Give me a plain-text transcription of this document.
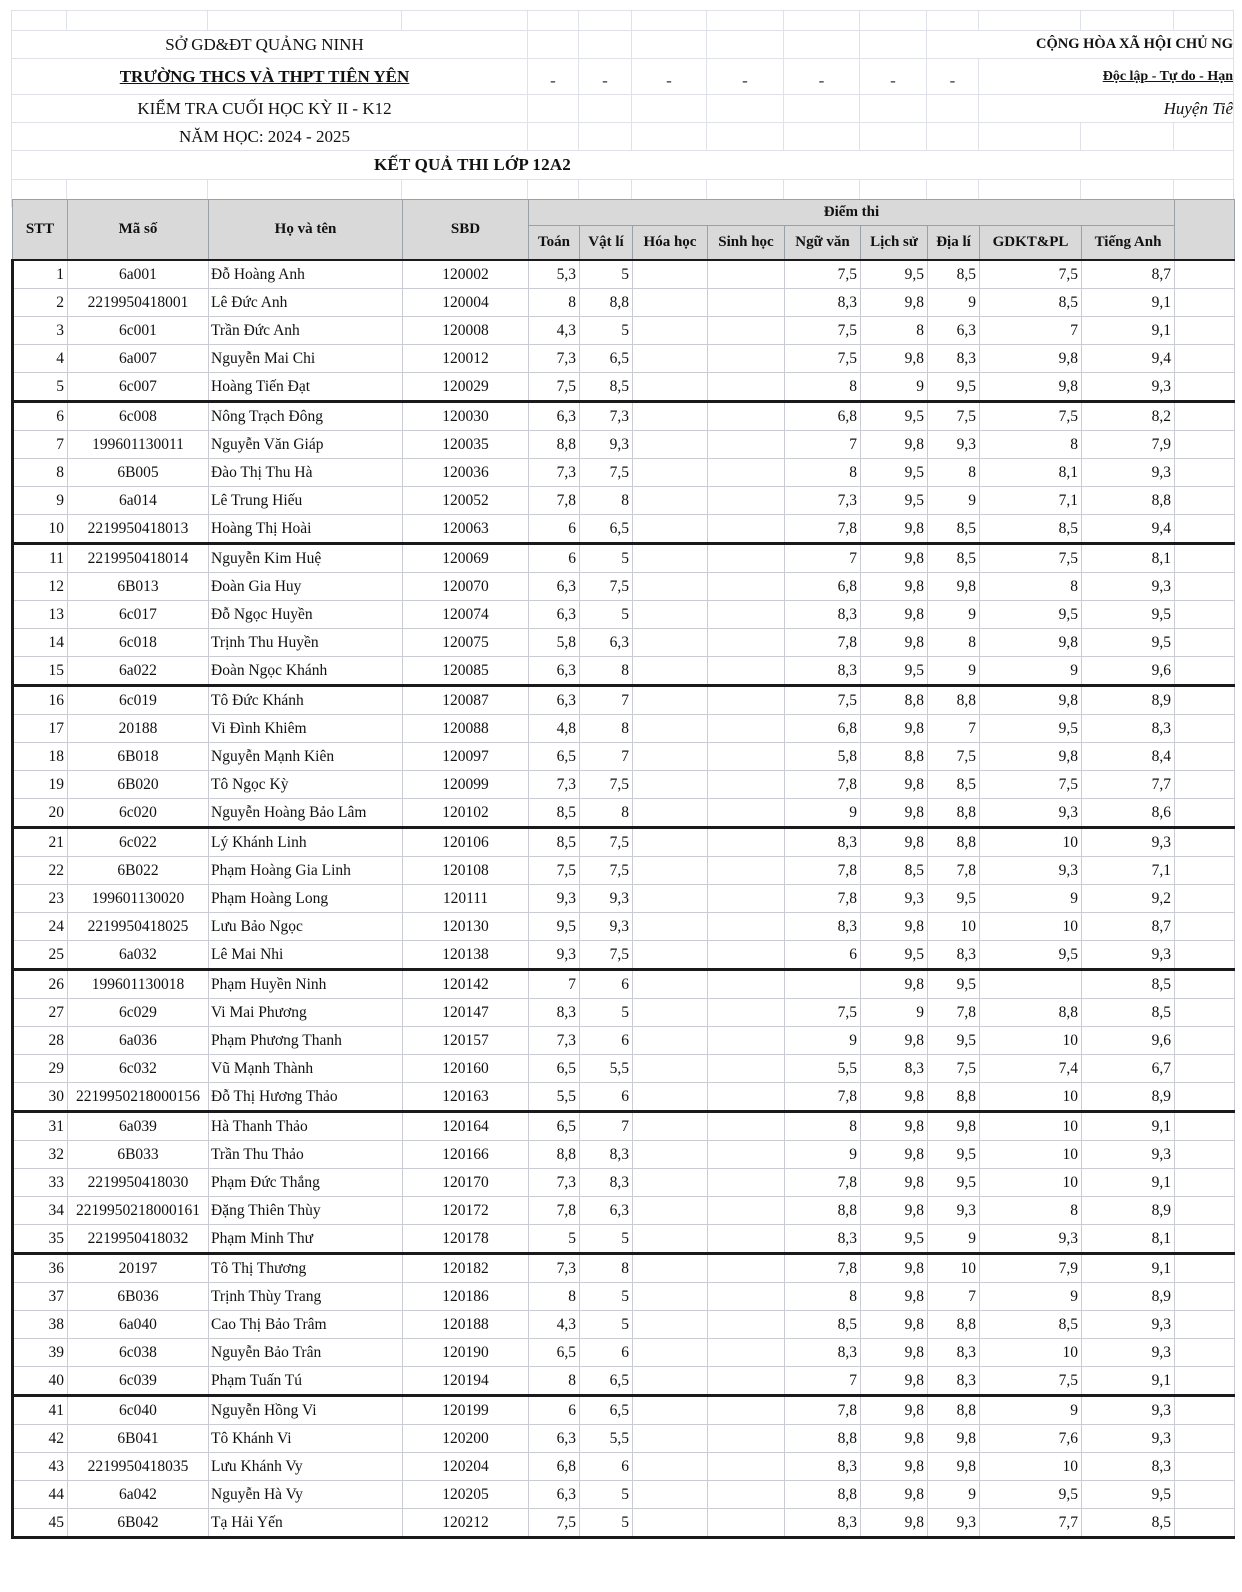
SỞ GD&ĐT QUẢNG NINH										CỘNG HÒA XÃ HỘI CHỦ NG			
TRƯỜNG THCS VÀ THPT TIÊN YÊN				-	-	-	-	-	-	-	Độc lập - Tự do - Hạn		
KIỂM TRA CUỐI HỌC KỲ II - K12											Huyện Tiê		
NĂM HỌC: 2024 - 2025													
KẾT QUẢ THI LỚP 12A2													

STT	Mã số	Họ và tên	SBD	Điểm thi									
				Toán	Vật lí	Hóa học	Sinh học	Ngữ văn	Lịch sử	Địa lí	GDKT&PL	Tiếng Anh	
1	6a001	Đỗ Hoàng Anh	120002	5,3	5			7,5	9,5	8,5	7,5	8,7	
2	2219950418001	Lê Đức Anh	120004	8	8,8			8,3	9,8	9	8,5	9,1	
3	6c001	Trần Đức Anh	120008	4,3	5			7,5	8	6,3	7	9,1	
4	6a007	Nguyễn Mai Chi	120012	7,3	6,5			7,5	9,8	8,3	9,8	9,4	
5	6c007	Hoàng Tiến Đạt	120029	7,5	8,5			8	9	9,5	9,8	9,3	
6	6c008	Nông Trạch Đông	120030	6,3	7,3			6,8	9,5	7,5	7,5	8,2	
7	199601130011	Nguyễn Văn Giáp	120035	8,8	9,3			7	9,8	9,3	8	7,9	
8	6B005	Đào Thị Thu Hà	120036	7,3	7,5			8	9,5	8	8,1	9,3	
9	6a014	Lê Trung Hiếu	120052	7,8	8			7,3	9,5	9	7,1	8,8	
10	2219950418013	Hoàng Thị Hoài	120063	6	6,5			7,8	9,8	8,5	8,5	9,4	
11	2219950418014	Nguyễn Kim Huệ	120069	6	5			7	9,8	8,5	7,5	8,1	
12	6B013	Đoàn Gia Huy	120070	6,3	7,5			6,8	9,8	9,8	8	9,3	
13	6c017	Đỗ Ngọc Huyền	120074	6,3	5			8,3	9,8	9	9,5	9,5	
14	6c018	Trịnh Thu Huyền	120075	5,8	6,3			7,8	9,8	8	9,8	9,5	
15	6a022	Đoàn Ngọc Khánh	120085	6,3	8			8,3	9,5	9	9	9,6	
16	6c019	Tô Đức Khánh	120087	6,3	7			7,5	8,8	8,8	9,8	8,9	
17	20188	Vi Đình Khiêm	120088	4,8	8			6,8	9,8	7	9,5	8,3	
18	6B018	Nguyễn Mạnh Kiên	120097	6,5	7			5,8	8,8	7,5	9,8	8,4	
19	6B020	Tô Ngọc Kỳ	120099	7,3	7,5			7,8	9,8	8,5	7,5	7,7	
20	6c020	Nguyễn Hoàng Bảo Lâm	120102	8,5	8			9	9,8	8,8	9,3	8,6	
21	6c022	Lý Khánh Linh	120106	8,5	7,5			8,3	9,8	8,8	10	9,3	
22	6B022	Phạm Hoàng Gia Linh	120108	7,5	7,5			7,8	8,5	7,8	9,3	7,1	
23	199601130020	Phạm Hoàng Long	120111	9,3	9,3			7,8	9,3	9,5	9	9,2	
24	2219950418025	Lưu Bảo Ngọc	120130	9,5	9,3			8,3	9,8	10	10	8,7	
25	6a032	Lê Mai Nhi	120138	9,3	7,5			6	9,5	8,3	9,5	9,3	
26	199601130018	Phạm Huyền Ninh	120142	7	6				9,8	9,5		8,5	
27	6c029	Vi Mai Phương	120147	8,3	5			7,5	9	7,8	8,8	8,5	
28	6a036	Phạm Phương Thanh	120157	7,3	6			9	9,8	9,5	10	9,6	
29	6c032	Vũ Mạnh Thành	120160	6,5	5,5			5,5	8,3	7,5	7,4	6,7	
30	2219950218000156	Đỗ Thị Hương Thảo	120163	5,5	6			7,8	9,8	8,8	10	8,9	
31	6a039	Hà Thanh Thảo	120164	6,5	7			8	9,8	9,8	10	9,1	
32	6B033	Trần Thu Thảo	120166	8,8	8,3			9	9,8	9,5	10	9,3	
33	2219950418030	Phạm Đức Thắng	120170	7,3	8,3			7,8	9,8	9,5	10	9,1	
34	2219950218000161	Đặng Thiên Thùy	120172	7,8	6,3			8,8	9,8	9,3	8	8,9	
35	2219950418032	Phạm Minh Thư	120178	5	5			8,3	9,5	9	9,3	8,1	
36	20197	Tô Thị Thương	120182	7,3	8			7,8	9,8	10	7,9	9,1	
37	6B036	Trịnh Thùy Trang	120186	8	5			8	9,8	7	9	8,9	
38	6a040	Cao Thị Bảo Trâm	120188	4,3	5			8,5	9,8	8,8	8,5	9,3	
39	6c038	Nguyễn Bảo Trân	120190	6,5	6			8,3	9,8	8,3	10	9,3	
40	6c039	Phạm Tuấn Tú	120194	8	6,5			7	9,8	8,3	7,5	9,1	
41	6c040	Nguyễn Hồng Vi	120199	6	6,5			7,8	9,8	8,8	9	9,3	
42	6B041	Tô Khánh Vi	120200	6,3	5,5			8,8	9,8	9,8	7,6	9,3	
43	2219950418035	Lưu Khánh Vy	120204	6,8	6			8,3	9,8	9,8	10	8,3	
44	6a042	Nguyễn Hà Vy	120205	6,3	5			8,8	9,8	9	9,5	9,5	
45	6B042	Tạ Hải Yến	120212	7,5	5			8,3	9,8	9,3	7,7	8,5	
